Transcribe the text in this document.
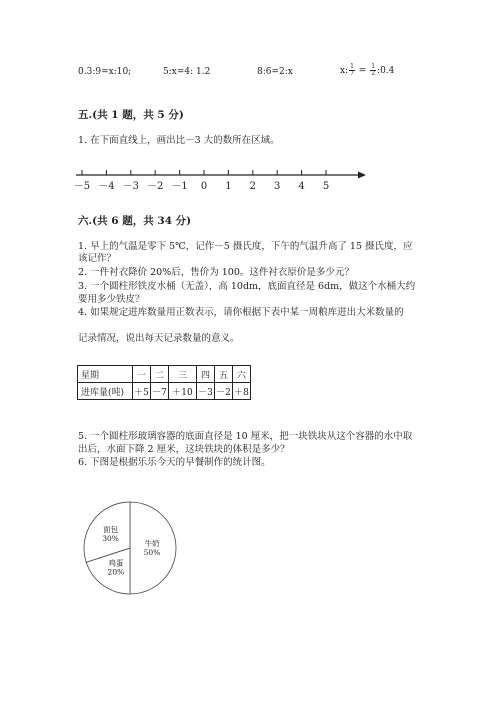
0.3:9=x:10;	5:x=4: 1.2	8:6=2:x	x: $\frac{1}{7} = \frac{1}{2}$ :0.4
五.(共 1 题，共 5 分)
1. 在下面直线上，画出比－3 大的数所在区域。
－5 －4 －3 －2 －1 0 1 2 3 4 5
六.(共 6 题，共 34 分)
1. 早上的气温是零下 5℃，记作－5 摄氏度，下午的气温升高了 15 摄氏度，应
该记作？
2. 一件衬衣降价 20%后，售价为 100。这件衬衣原价是多少元？
3. 一个圆柱形铁皮水桶（无盖），高 10dm，底面直径是 6dm，做这个水桶大约
要用多少铁皮？
4. 如果规定进库数量用正数表示，请你根据下表中某一周粮库进出大米数量的
记录情况，说出每天记录数量的意义。
星期	一	二	三	四	五	六
进库量(吨)	＋5	－7	＋10	－3	－2	＋8
5. 一个圆柱形玻璃容器的底面直径是 10 厘米，把一块铁块从这个容器的水中取
出后，水面下降 2 厘米，这块铁块的体积是多少？
6. 下图是根据乐乐今天的早餐制作的统计图。
牛奶
50%
面包
30%
鸡蛋
20%
